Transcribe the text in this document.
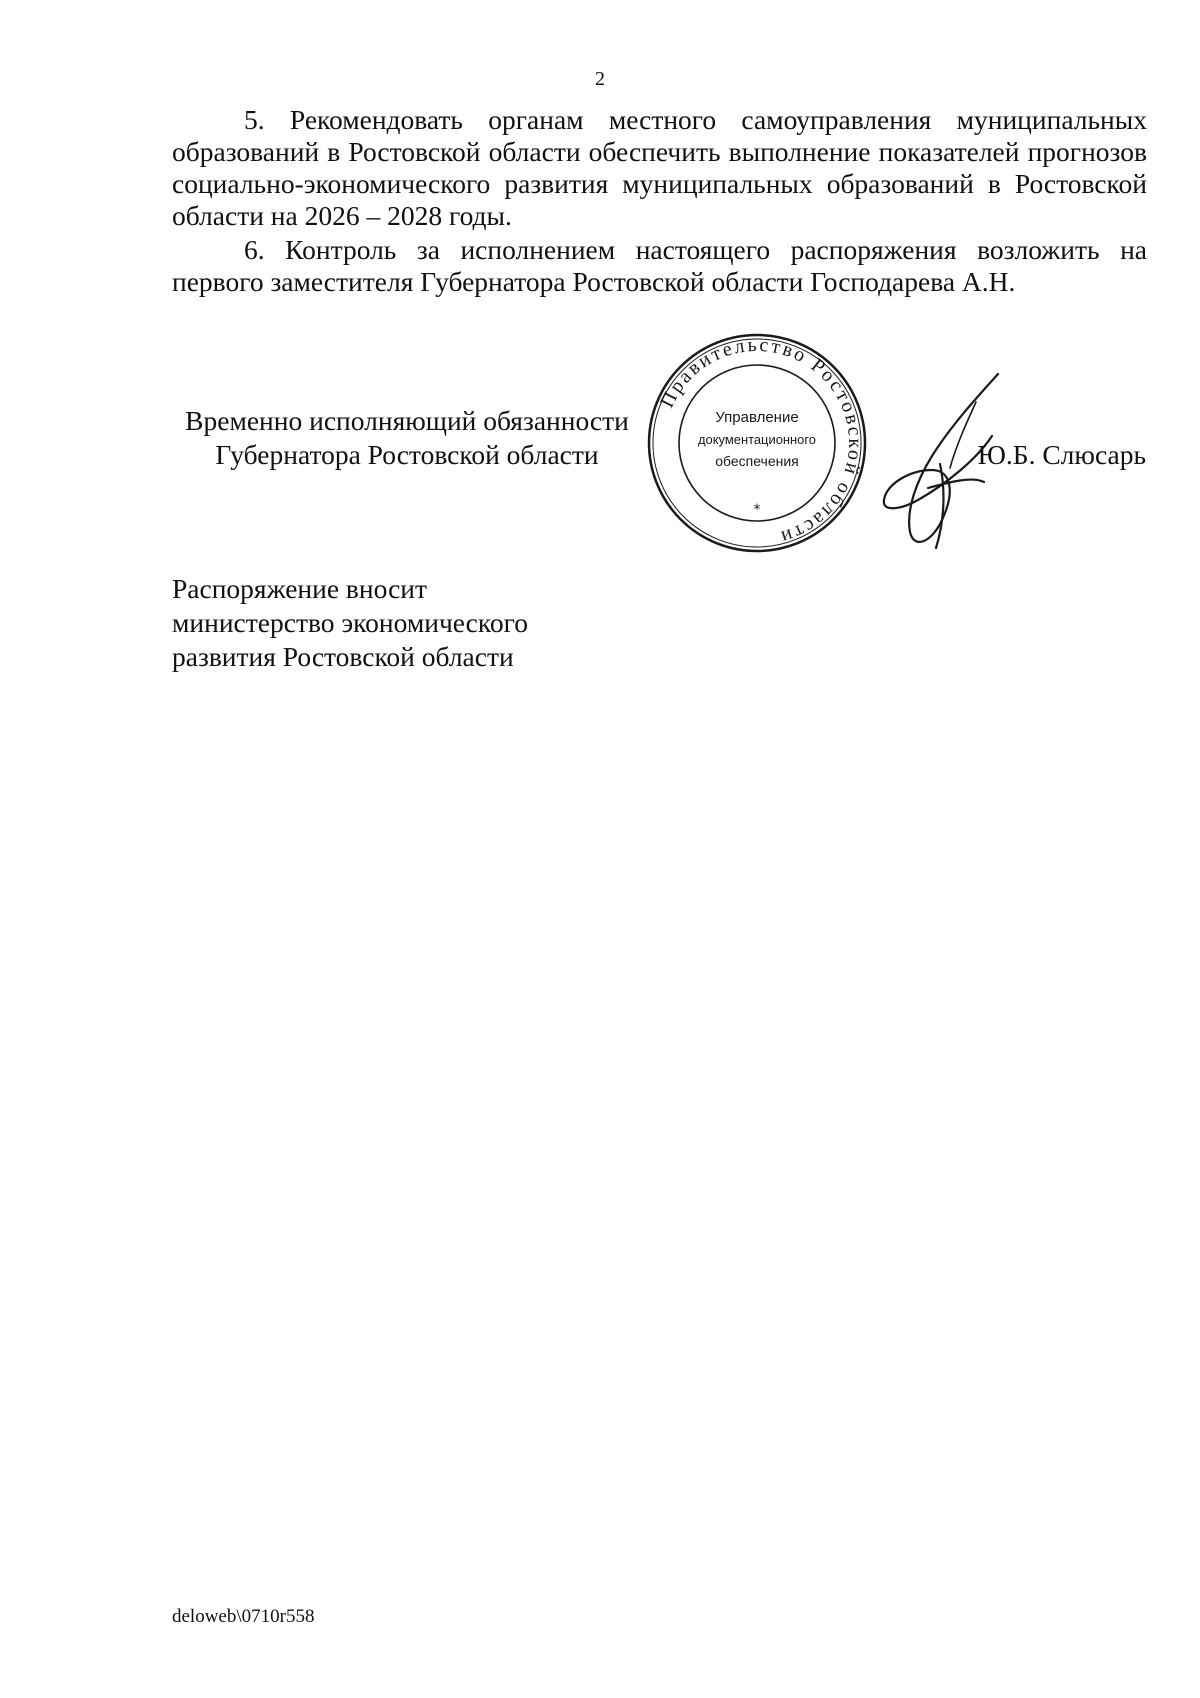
2

5. Рекомендовать органам местного самоуправления муниципальных образований в Ростовской области обеспечить выполнение показателей прогнозов социально-экономического развития муниципальных образований в Ростовской области на 2026 – 2028 годы.

6. Контроль за исполнением настоящего распоряжения возложить на первого заместителя Губернатора Ростовской области Господарева А.Н.

Временно исполняющий обязанности
Губернатора Ростовской области
Правительство Ростовской области
Управление
документационного
обеспечения
*
Ю.Б. Слюсарь
Распоряжение вносит
министерство экономического
развития Ростовской области
deloweb\0710r558
